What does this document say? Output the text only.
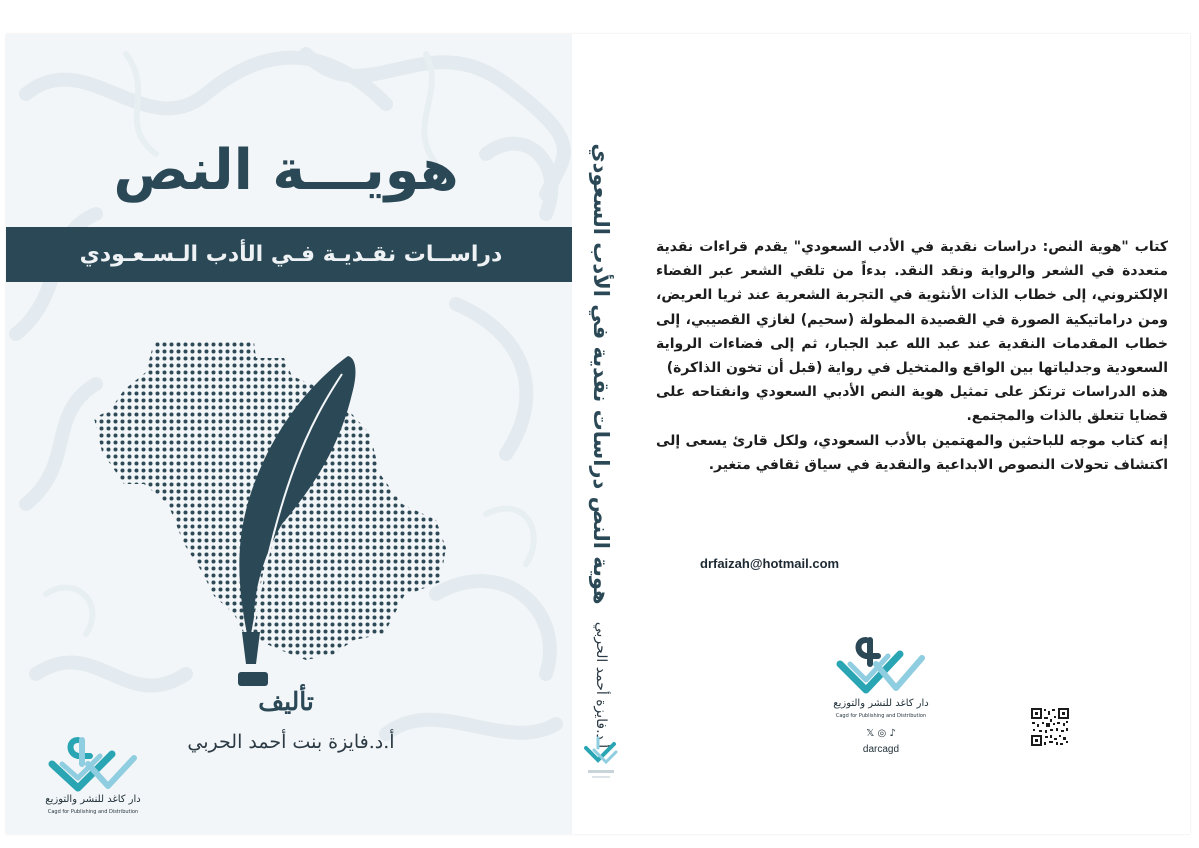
هويـــة النص
دراســات نقـديـة فـي الأدب الـسـعـودي
تأليف
أ.د.فايزة بنت أحمد الحربي
دار كاغد للنشر والتوزيع
Cagd for Publishing and Distribution
هوية النص دراسات نقدية في الأدب السعودي
أ.د.فايزة أحمد الحربي

كتاب "هوية النص: دراسات نقدية في الأدب السعودي" يقدم قراءات نقدية متعددة في الشعر والرواية ونقد النقد. بدءاً من تلقي الشعر عبر الفضاء الإلكتروني، إلى خطاب الذات الأنثوية في التجربة الشعرية عند ثريا العريض، ومن دراماتيكية الصورة في القصيدة المطولة (سحيم) لغازي القصيبي، إلى خطاب المقدمات النقدية عند عبد الله عبد الجبار، ثم إلى فضاءات الرواية السعودية وجدلياتها بين الواقع والمتخيل في رواية (قبل أن تخون الذاكرة)

هذه الدراسات ترتكز على تمثيل هوية النص الأدبي السعودي وانفتاحه على قضايا تتعلق بالذات والمجتمع.

إنه كتاب موجه للباحثين والمهتمين بالأدب السعودي، ولكل قارئ يسعى إلى اكتشاف تحولات النصوص الابداعية والنقدية في سياق ثقافي متغير.

drfaizah@hotmail.com
دار كاغد للنشر والتوزيع
Cagd for Publishing and Distribution
𝕏 ◎ ♪
darcagd
